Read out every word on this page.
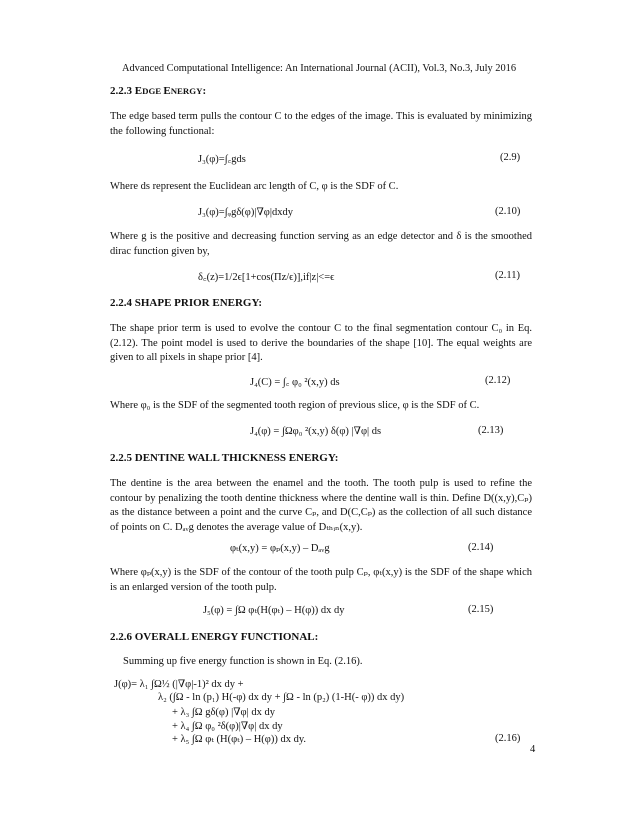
Advanced Computational Intelligence: An International Journal (ACII), Vol.3, No.3, July 2016
2.2.3 EDGE ENERGY:

The edge based term pulls the contour C to the edges of the image. This is evaluated by minimizing the following functional:

J₃(φ)=∫꜀gds	(2.9)

Where ds represent the Euclidean arc length of C, φ is the SDF of C.

J₃(φ)=∫ᵩgδ(φ)|∇φ|dxdy	(2.10)

Where g is the positive and decreasing function serving as an edge detector and δ is the smoothed dirac function given by,

δ꜀(z)=1/2ϵ[1+cos(Πz/ϵ)],if|z|<=ϵ	(2.11)
2.2.4 SHAPE PRIOR ENERGY:

The shape prior term is used to evolve the contour C to the final segmentation contour C₀ in Eq. (2.12). The point model is used to derive the boundaries of the shape [10]. The equal weights are given to all pixels in shape prior [4].

J₄(C) = ∫꜀ φ₀ ²(x,y) ds	(2.12)

Where φ₀ is the SDF of the segmented tooth region of previous slice, φ is the SDF of C.

J₄(φ) = ∫Ωφ₀ ²(x,y) δ(φ) |∇φ| ds	(2.13)
2.2.5 DENTINE WALL THICKNESS ENERGY:

The dentine is the area between the enamel and the tooth. The tooth pulp is used to refine the contour by penalizing the tooth dentine thickness where the dentine wall is thin. Define D((x,y),Cₚ) as the distance between a point and the curve Cₚ, and D(C,Cₚ) as the collection of all such distance of points on C. Dₐᵥg denotes the average value of Dₜₕᵢₙ(x,y).

φₜ(x,y) = φₚ(x,y) – Dₐᵥg	(2.14)

Where φₚ(x,y) is the SDF of the contour of the tooth pulp Cₚ, φₜ(x,y) is the SDF of the shape which is an enlarged version of the tooth pulp.

J₅(φ) = ∫Ω φₜ(H(φₜ) – H(φ)) dx dy	(2.15)
2.2.6 OVERALL ENERGY FUNCTIONAL:

Summing up five energy function is shown in Eq. (2.16).

J(φ)= λ₁ ∫Ω½ (|∇φ|-1)² dx dy +
λ₂ (∫Ω - ln (p₁) H(-φ) dx dy + ∫Ω - ln (p₂) (1-H(- φ)) dx dy)
+ λ₃ ∫Ω gδ(φ) |∇φ| dx dy
+ λ₄ ∫Ω φ₀ ²δ(φ)|∇φ| dx dy
+ λ₅ ∫Ω φₜ (H(φₜ) – H(φ)) dx dy.	(2.16)
4
